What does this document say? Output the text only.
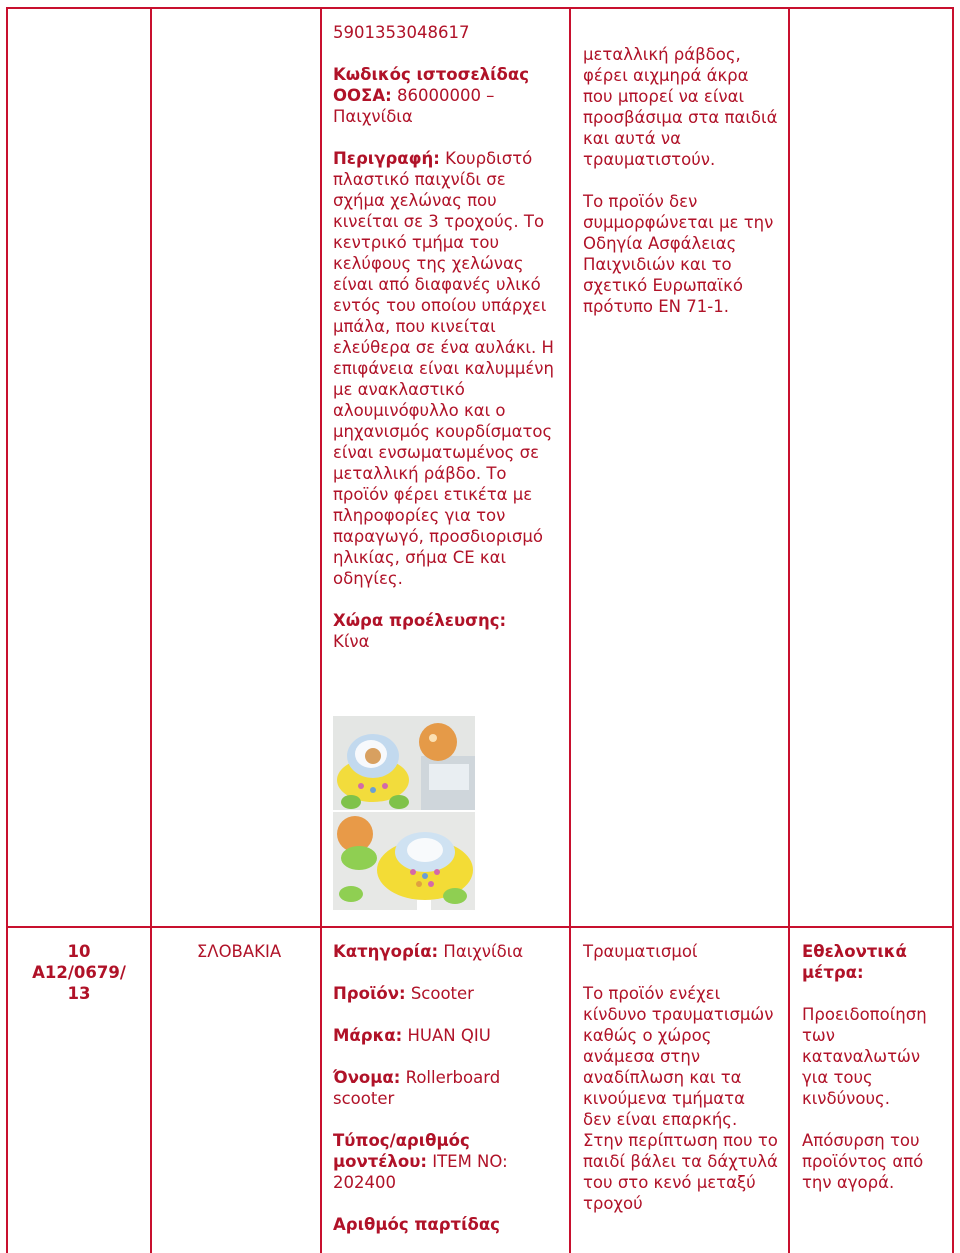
5901353048617

Κωδικός ιστοσελίδας
ΟΟΣΑ: 86000000 –
Παιχνίδια

Περιγραφή: Κουρδιστό πλαστικό παιχνίδι σε σχήμα χελώνας που κινείται σε 3 τροχούς. Το κεντρικό τμήμα του κελύφους της χελώνας είναι από διαφανές υλικό εντός του οποίου υπάρχει μπάλα, που κινείται ελεύθερα σε ένα αυλάκι. Η επιφάνεια είναι καλυμμένη με ανακλαστικό αλουμινόφυλλο και ο μηχανισμός κουρδίσματος είναι ενσωματωμένος σε μεταλλική ράβδο. Το προϊόν φέρει ετικέτα με πληροφορίες για τον παραγωγό, προσδιορισμό ηλικίας, σήμα CE και οδηγίες.

Χώρα προέλευσης:
Κίνα

μεταλλική ράβδος, φέρει αιχμηρά άκρα που μπορεί να είναι προσβάσιμα στα παιδιά και αυτά να τραυματιστούν.

Το προϊόν δεν συμμορφώνεται με την Οδηγία Ασφάλειας Παιχνιδιών και το σχετικό Ευρωπαϊκό πρότυπο ΕΝ 71-1.

10

A12/0679/

13

ΣΛΟΒΑΚΙΑ	Κατηγορία: Παιχνίδια

Προϊόν: Scooter

Μάρκα: HUAN QIU

Όνομα: Rollerboard scooter

Τύπος/αριθμός μοντέλου: ITEM NO: 202400

Αριθμός παρτίδας

Τραυματισμοί

Το προϊόν ενέχει κίνδυνο τραυματισμών καθώς ο χώρος ανάμεσα στην αναδίπλωση και τα κινούμενα τμήματα δεν είναι επαρκής. Στην περίπτωση που το παιδί βάλει τα δάχτυλά του στο κενό μεταξύ τροχού

Εθελοντικά μέτρα:

Προειδοποίηση των καταναλωτών για τους κινδύνους.

Απόσυρση του προϊόντος από την αγορά.
